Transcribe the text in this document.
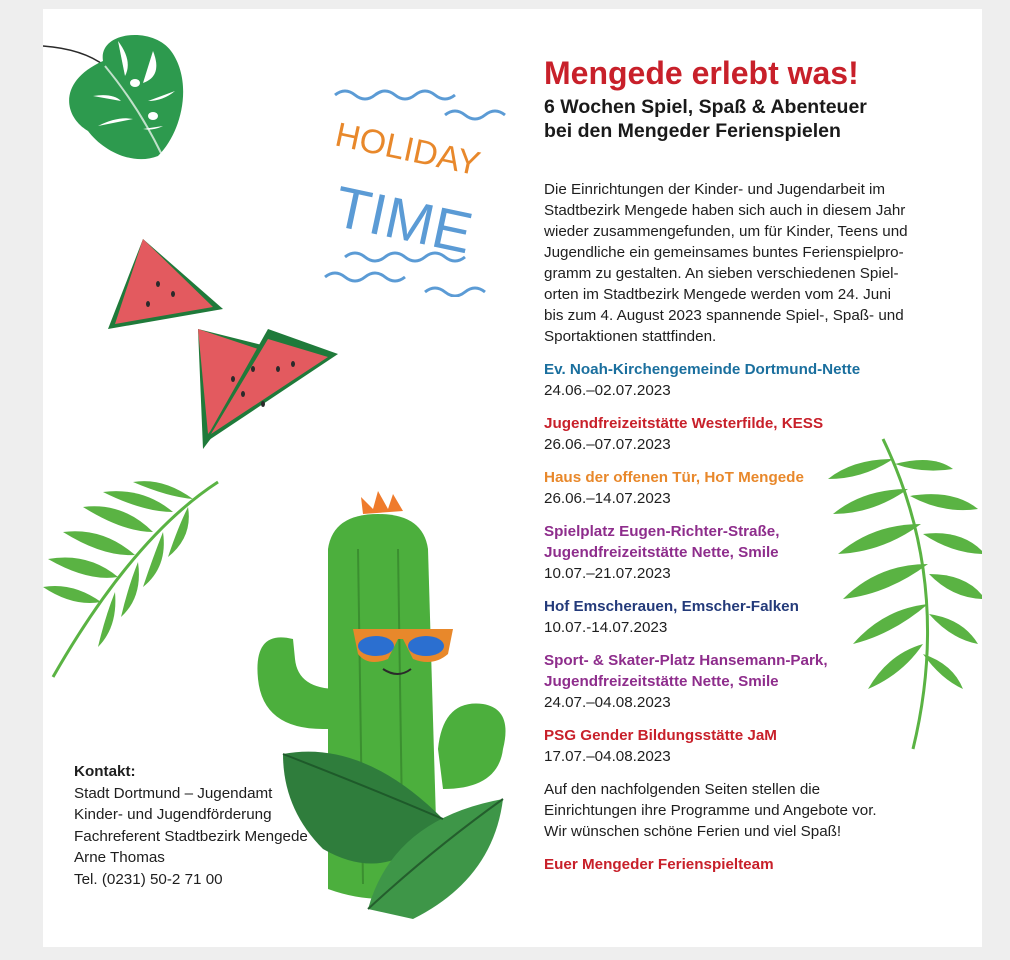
HOLIDAY
TIME
Mengede erlebt was!
6 Wochen Spiel, Spaß & Abenteuer
bei den Mengeder Ferienspielen
Die Einrichtungen der Kinder- und Jugendarbeit im
Stadtbezirk Mengede haben sich auch in diesem Jahr
wieder zusammengefunden, um für Kinder, Teens und
Jugendliche ein gemeinsames buntes Ferienspielpro-
gramm zu gestalten. An sieben verschiedenen Spiel-
orten im Stadtbezirk Mengede werden vom 24. Juni
bis zum 4. August 2023 spannende Spiel-, Spaß- und
Sportaktionen stattfinden.
Ev. Noah-Kirchengemeinde Dortmund-Nette
24.06.–02.07.2023
Jugendfreizeitstätte Westerfilde, KESS
26.06.–07.07.2023
Haus der offenen Tür, HoT Mengede
26.06.–14.07.2023
Spielplatz Eugen-Richter-Straße,
Jugendfreizeitstätte Nette, Smile
10.07.–21.07.2023
Hof Emscherauen, Emscher-Falken
10.07.-14.07.2023
Sport- & Skater-Platz Hansemann-Park,
Jugendfreizeitstätte Nette, Smile
24.07.–04.08.2023
PSG Gender Bildungsstätte JaM
17.07.–04.08.2023
Auf den nachfolgenden Seiten stellen die
Einrichtungen ihre Programme und Angebote vor.
Wir wünschen schöne Ferien und viel Spaß!
Euer Mengeder Ferienspielteam
Kontakt:
Stadt Dortmund – Jugendamt
Kinder- und Jugendförderung
Fachreferent Stadtbezirk Mengede
Arne Thomas
Tel. (0231) 50-2 71 00
